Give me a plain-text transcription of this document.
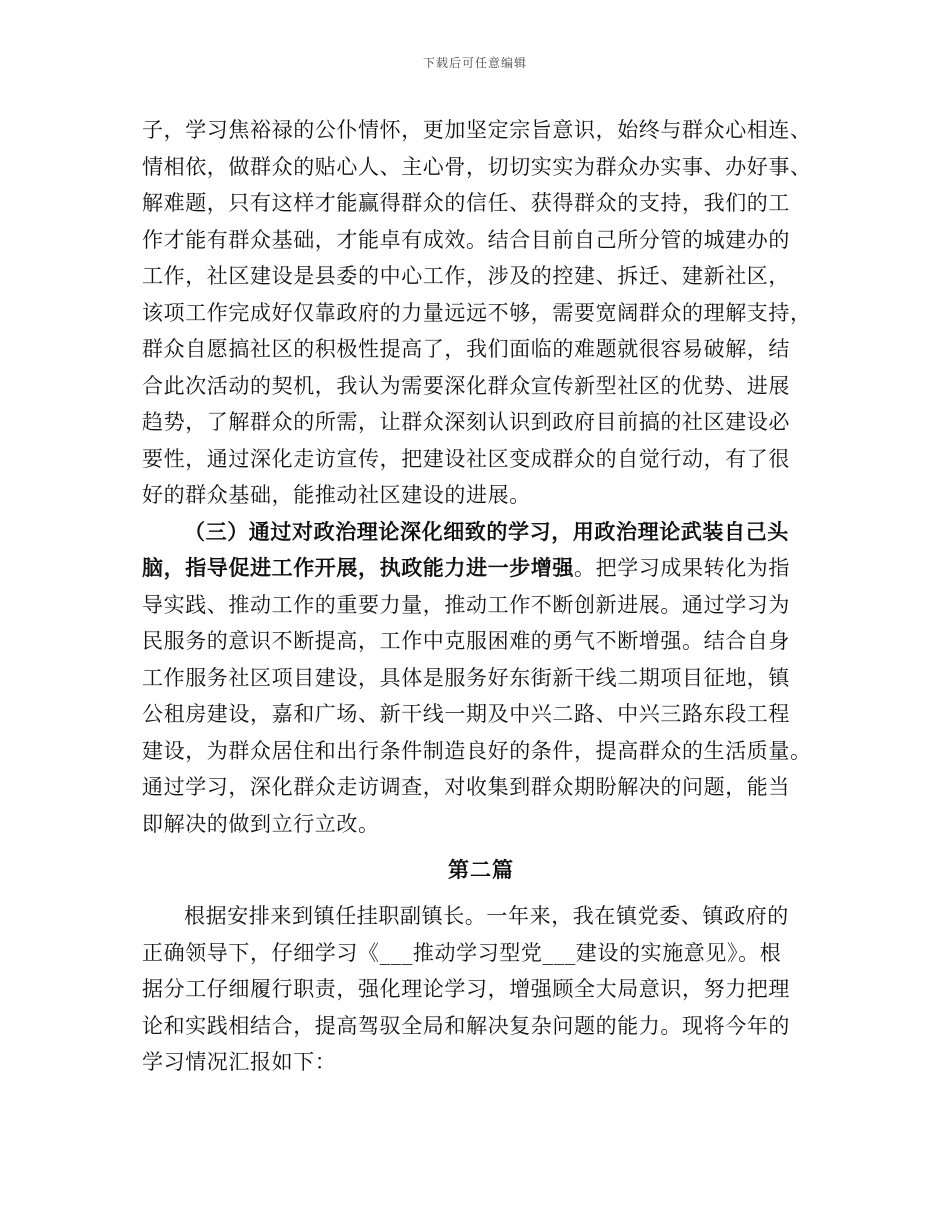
下载后可任意编辑
子，学习焦裕禄的公仆情怀，更加坚定宗旨意识，始终与群众心相连、
情相依，做群众的贴心人、主心骨，切切实实为群众办实事、办好事、
解难题，只有这样才能赢得群众的信任、获得群众的支持，我们的工
作才能有群众基础，才能卓有成效。结合目前自己所分管的城建办的
工作，社区建设是县委的中心工作，涉及的控建、拆迁、建新社区，
该项工作完成好仅靠政府的力量远远不够，需要宽阔群众的理解支持，
群众自愿搞社区的积极性提高了，我们面临的难题就很容易破解，结
合此次活动的契机，我认为需要深化群众宣传新型社区的优势、进展
趋势，了解群众的所需，让群众深刻认识到政府目前搞的社区建设必
要性，通过深化走访宣传，把建设社区变成群众的自觉行动，有了很
好的群众基础，能推动社区建设的进展。
（三）通过对政治理论深化细致的学习，用政治理论武装自己头
脑，指导促进工作开展，执政能力进一步增强。把学习成果转化为指
导实践、推动工作的重要力量，推动工作不断创新进展。通过学习为
民服务的意识不断提高，工作中克服困难的勇气不断增强。结合自身
工作服务社区项目建设，具体是服务好东街新干线二期项目征地，镇
公租房建设，嘉和广场、新干线一期及中兴二路、中兴三路东段工程
建设，为群众居住和出行条件制造良好的条件，提高群众的生活质量。
通过学习，深化群众走访调查，对收集到群众期盼解决的问题，能当
即解决的做到立行立改。
第二篇
根据安排来到镇任挂职副镇长。一年来，我在镇党委、镇政府的
正确领导下，仔细学习《___推动学习型党___建设的实施意见》。根
据分工仔细履行职责，强化理论学习，增强顾全大局意识，努力把理
论和实践相结合，提高驾驭全局和解决复杂问题的能力。现将今年的
学习情况汇报如下：
